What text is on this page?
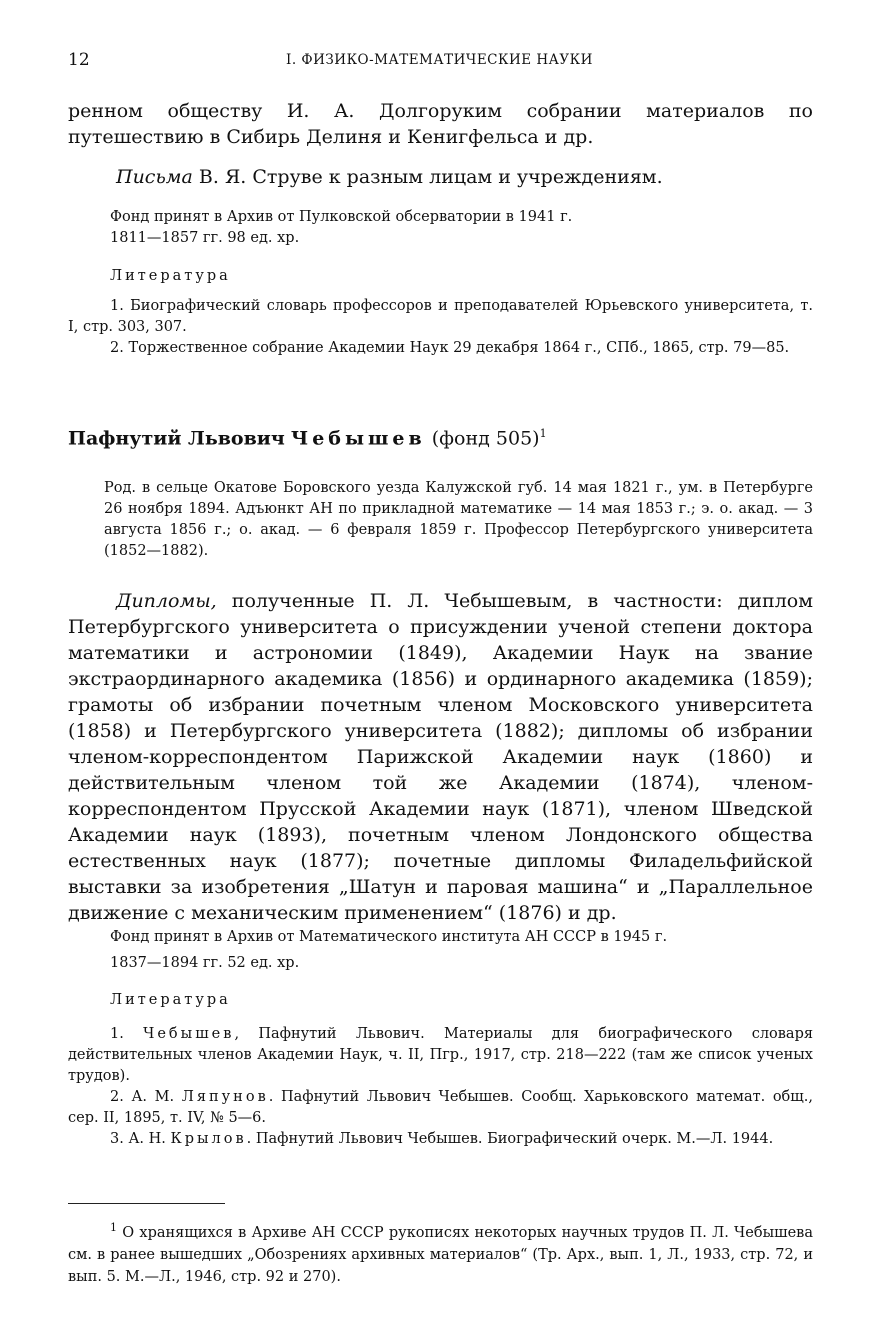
12	I. ФИЗИКО-МАТЕМАТИЧЕСКИЕ НАУКИ

ренном обществу И. А. Долгоруким собрании материалов по путешествию в Сибирь Делиня и Кенигфельса и др.

Письма В. Я. Струве к разным лицам и учреждениям.

Фонд принят в Архив от Пулковской обсерватории в 1941 г.

1811—1857 гг. 98 ед. хр.

Литература

1. Биографический словарь профессоров и преподавателей Юрьевского университета, т. I, стр. 303, 307.

2. Торжественное собрание Академии Наук 29 декабря 1864 г., СПб., 1865, стр. 79—85.

Пафнутий Львович Чебышев (фонд 505)$^1$

Род. в сельце Окатове Боровского уезда Калужской губ. 14 мая 1821 г., ум. в Петербурге 26 ноября 1894. Адъюнкт АН по прикладной математике — 14 мая 1853 г.; э. о. акад. — 3 августа 1856 г.; о. акад. — 6 февраля 1859 г. Профессор Петербургского университета (1852—1882).

Дипломы, полученные П. Л. Чебышевым, в частности: диплом Петербургского университета о присуждении ученой степени доктора математики и астрономии (1849), Академии Наук на звание экстраординарного академика (1856) и ординарного академика (1859); грамоты об избрании почетным членом Московского университета (1858) и Петербургского университета (1882); дипломы об избрании членом-корреспондентом Парижской Академии наук (1860) и действительным членом той же Академии (1874), членом-корреспондентом Прусской Академии наук (1871), членом Шведской Академии наук (1893), почетным членом Лондонского общества естественных наук (1877); почетные дипломы Филадельфийской выставки за изобретения „Шатун и паровая машина“ и „Параллельное движение с механическим применением“ (1876) и др.

Фонд принят в Архив от Математического института АН СССР в 1945 г.

1837—1894 гг. 52 ед. хр.

Литература

1. Чебышев, Пафнутий Львович. Материалы для биографического словаря действительных членов Академии Наук, ч. II, Пгр., 1917, стр. 218—222 (там же список ученых трудов).

2. А. М. Ляпунов. Пафнутий Львович Чебышев. Сообщ. Харьковского математ. общ., сер. II, 1895, т. IV, № 5—6.

3. А. Н. Крылов. Пафнутий Львович Чебышев. Биографический очерк. М.—Л. 1944.

$^1$ О хранящихся в Архиве АН СССР рукописях некоторых научных трудов П. Л. Чебышева см. в ранее вышедших „Обозрениях архивных материалов“ (Тр. Арх., вып. 1, Л., 1933, стр. 72, и вып. 5. М.—Л., 1946, стр. 92 и 270).
